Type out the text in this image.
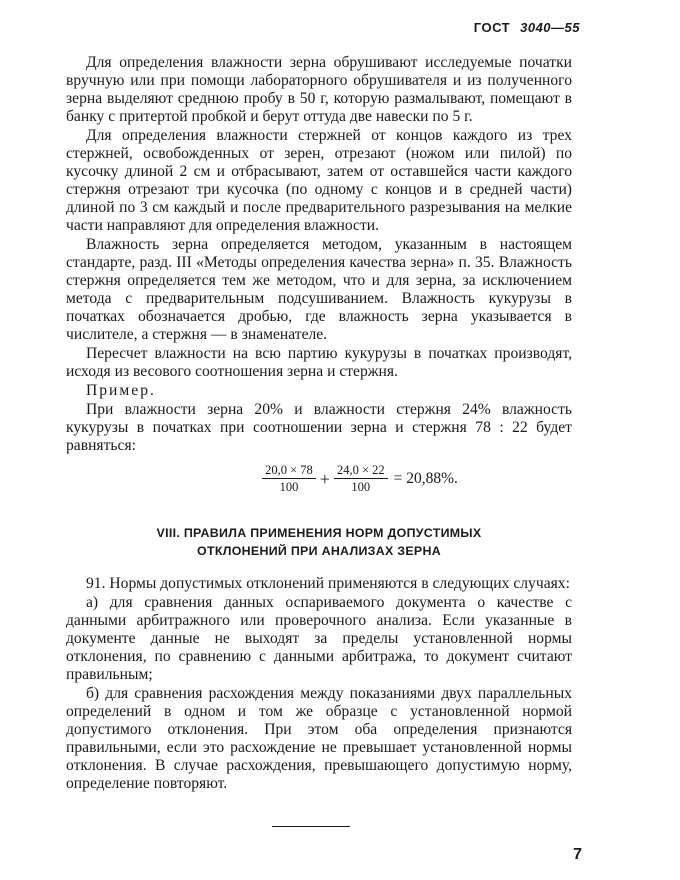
ГОСТ 3040—55

Для определения влажности зерна обрушивают исследуемые початки вручную или при помощи лабораторного обрушивателя и из полученного зерна выделяют среднюю пробу в 50 г, которую размалывают, помещают в банку с притертой пробкой и берут оттуда две навески по 5 г.

Для определения влажности стержней от концов каждого из трех стержней, освобожденных от зерен, отрезают (ножом или пилой) по кусочку длиной 2 см и отбрасывают, затем от оставшейся части каждого стержня отрезают три кусочка (по одному с концов и в средней части) длиной по 3 см каждый и после предварительного разрезывания на мелкие части направляют для определения влажности.

Влажность зерна определяется методом, указанным в настоящем стандарте, разд. III «Методы определения качества зерна» п. 35. Влажность стержня определяется тем же методом, что и для зерна, за исключением метода с предварительным подсушиванием. Влажность кукурузы в початках обозначается дробью, где влажность зерна указывается в числителе, а стержня — в знаменателе.

Пересчет влажности на всю партию кукурузы в початках производят, исходя из весового соотношения зерна и стержня.

Пример.

При влажности зерна 20% и влажности стержня 24% влажность кукурузы в початках при соотношении зерна и стержня 78 : 22 будет равняться:

$\frac{20,0 \times 78}{100} + \frac{24,0 \times 22}{100} = 20,88\%$.
VIII. ПРАВИЛА ПРИМЕНЕНИЯ НОРМ ДОПУСТИМЫХ
ОТКЛОНЕНИЙ ПРИ АНАЛИЗАХ ЗЕРНА

91. Нормы допустимых отклонений применяются в следующих случаях:

а) для сравнения данных оспариваемого документа о качестве с данными арбитражного или проверочного анализа. Если указанные в документе данные не выходят за пределы установленной нормы отклонения, по сравнению с данными арбитража, то документ считают правильным;

б) для сравнения расхождения между показаниями двух параллельных определений в одном и том же образце с установленной нормой допустимого отклонения. При этом оба определения признаются правильными, если это расхождение не превышает установленной нормы отклонения. В случае расхождения, превышающего допустимую норму, определение повторяют.

7
